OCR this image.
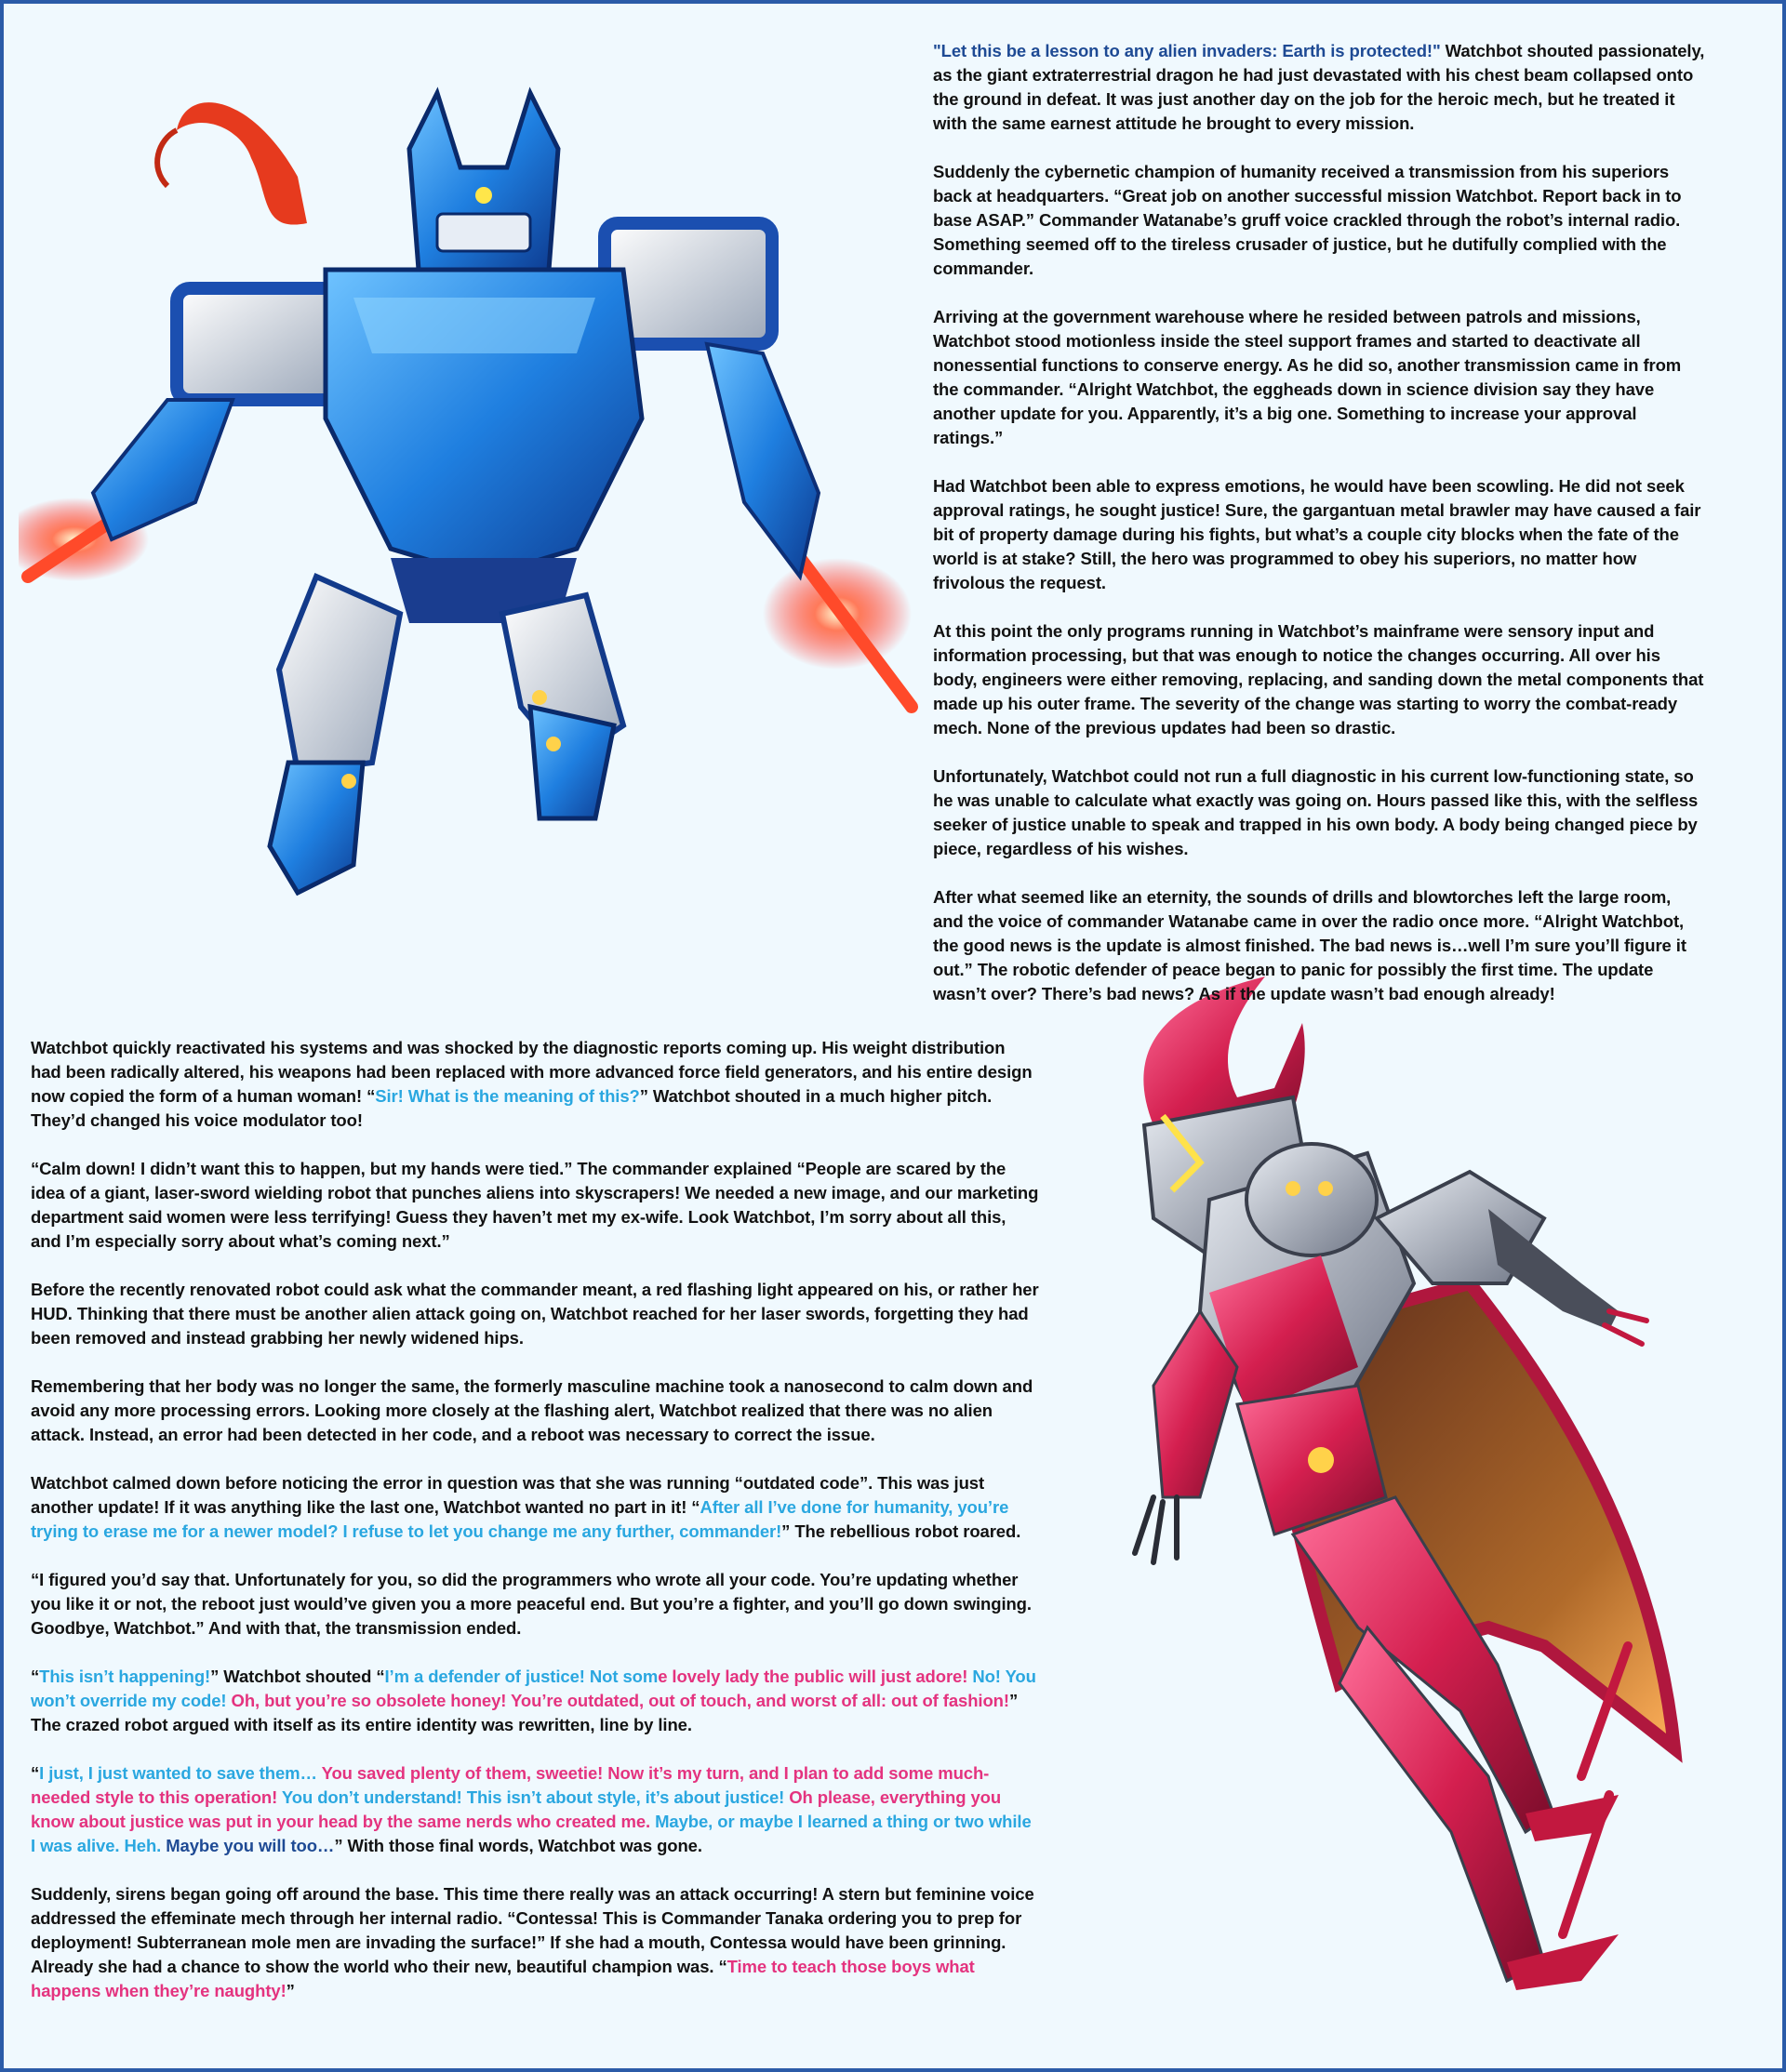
"Let this be a lesson to any alien invaders: Earth is protected!" Watchbot shouted passionately, as the giant extraterrestrial dragon he had just devastated with his chest beam collapsed onto the ground in defeat. It was just another day on the job for the heroic mech, but he treated it with the same earnest attitude he brought to every mission.

Suddenly the cybernetic champion of humanity received a transmission from his superiors back at headquarters. “Great job on another successful mission Watchbot. Report back in to base ASAP.” Commander Watanabe’s gruff voice crackled through the robot’s internal radio. Something seemed off to the tireless crusader of justice, but he dutifully complied with the commander.

Arriving at the government warehouse where he resided between patrols and missions, Watchbot stood motionless inside the steel support frames and started to deactivate all nonessential functions to conserve energy. As he did so, another transmission came in from the commander. “Alright Watchbot, the eggheads down in science division say they have another update for you. Apparently, it’s a big one. Something to increase your approval ratings.”

Had Watchbot been able to express emotions, he would have been scowling. He did not seek approval ratings, he sought justice! Sure, the gargantuan metal brawler may have caused a fair bit of property damage during his fights, but what’s a couple city blocks when the fate of the world is at stake? Still, the hero was programmed to obey his superiors, no matter how frivolous the request.

At this point the only programs running in Watchbot’s mainframe were sensory input and information processing, but that was enough to notice the changes occurring. All over his body, engineers were either removing, replacing, and sanding down the metal components that made up his outer frame. The severity of the change was starting to worry the combat-ready mech. None of the previous updates had been so drastic.

Unfortunately, Watchbot could not run a full diagnostic in his current low-functioning state, so he was unable to calculate what exactly was going on. Hours passed like this, with the selfless seeker of justice unable to speak and trapped in his own body. A body being changed piece by piece, regardless of his wishes.

After what seemed like an eternity, the sounds of drills and blowtorches left the large room, and the voice of commander Watanabe came in over the radio once more. “Alright Watchbot, the good news is the update is almost finished. The bad news is…well I’m sure you’ll figure it out.” The robotic defender of peace began to panic for possibly the first time. The update wasn’t over? There’s bad news? As if the update wasn’t bad enough already!

Watchbot quickly reactivated his systems and was shocked by the diagnostic reports coming up. His weight distribution had been radically altered, his weapons had been replaced with more advanced force field generators, and his entire design now copied the form of a human woman! “Sir! What is the meaning of this?” Watchbot shouted in a much higher pitch. They’d changed his voice modulator too!

“Calm down! I didn’t want this to happen, but my hands were tied.” The commander explained “People are scared by the idea of a giant, laser-sword wielding robot that punches aliens into skyscrapers! We needed a new image, and our marketing department said women were less terrifying! Guess they haven’t met my ex-wife. Look Watchbot, I’m sorry about all this, and I’m especially sorry about what’s coming next.”

Before the recently renovated robot could ask what the commander meant, a red flashing light appeared on his, or rather her HUD. Thinking that there must be another alien attack going on, Watchbot reached for her laser swords, forgetting they had been removed and instead grabbing her newly widened hips.

Remembering that her body was no longer the same, the formerly masculine machine took a nanosecond to calm down and avoid any more processing errors. Looking more closely at the flashing alert, Watchbot realized that there was no alien attack. Instead, an error had been detected in her code, and a reboot was necessary to correct the issue.

Watchbot calmed down before noticing the error in question was that she was running “outdated code”. This was just another update! If it was anything like the last one, Watchbot wanted no part in it! “After all I’ve done for humanity, you’re trying to erase me for a newer model? I refuse to let you change me any further, commander!” The rebellious robot roared.

“I figured you’d say that. Unfortunately for you, so did the programmers who wrote all your code. You’re updating whether you like it or not, the reboot just would’ve given you a more peaceful end. But you’re a fighter, and you’ll go down swinging. Goodbye, Watchbot.” And with that, the transmission ended.

“This isn’t happening!” Watchbot shouted “I’m a defender of justice! Not some lovely lady the public will just adore! No! You won’t override my code! Oh, but you’re so obsolete honey! You’re outdated, out of touch, and worst of all: out of fashion!” The crazed robot argued with itself as its entire identity was rewritten, line by line.

“I just, I just wanted to save them… You saved plenty of them, sweetie! Now it’s my turn, and I plan to add some much-needed style to this operation! You don’t understand! This isn’t about style, it’s about justice! Oh please, everything you know about justice was put in your head by the same nerds who created me. Maybe, or maybe I learned a thing or two while I was alive. Heh. Maybe you will too…” With those final words, Watchbot was gone.

Suddenly, sirens began going off around the base. This time there really was an attack occurring! A stern but feminine voice addressed the effeminate mech through her internal radio. “Contessa! This is Commander Tanaka ordering you to prep for deployment! Subterranean mole men are invading the surface!” If she had a mouth, Contessa would have been grinning. Already she had a chance to show the world who their new, beautiful champion was. “Time to teach those boys what happens when they’re naughty!”
